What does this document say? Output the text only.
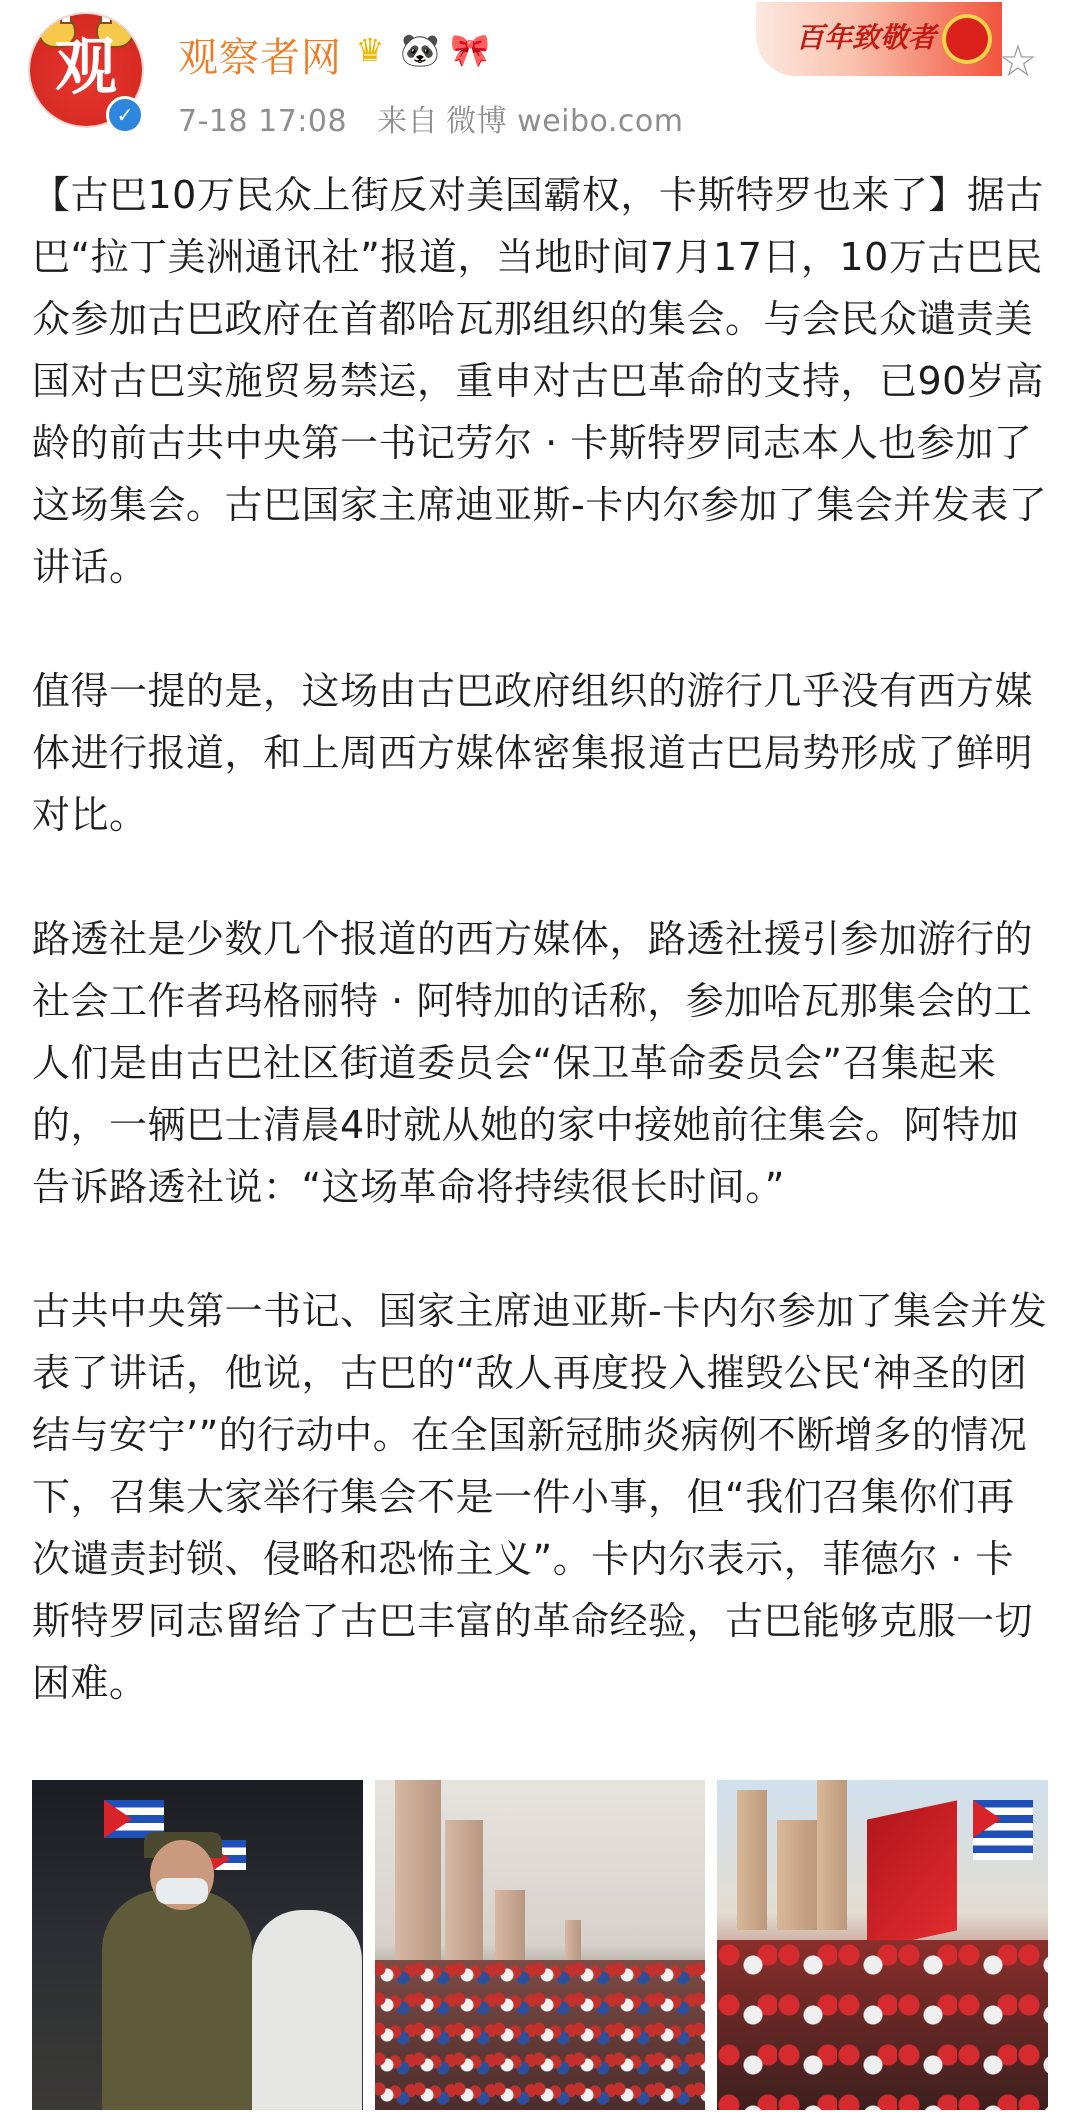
观
✓
观察者网 ♛ 🐼 🎀
7-18 17:08 来自 微博 weibo.com
百年致敬者 ☆

【古巴10万民众上街反对美国霸权，卡斯特罗也来了】据古巴“拉丁美洲通讯社”报道，当地时间7月17日，10万古巴民众参加古巴政府在首都哈瓦那组织的集会。与会民众谴责美国对古巴实施贸易禁运，重申对古巴革命的支持，已90岁高龄的前古共中央第一书记劳尔 · 卡斯特罗同志本人也参加了这场集会。古巴国家主席迪亚斯-卡内尔参加了集会并发表了讲话。

值得一提的是，这场由古巴政府组织的游行几乎没有西方媒体进行报道，和上周西方媒体密集报道古巴局势形成了鲜明对比。

路透社是少数几个报道的西方媒体，路透社援引参加游行的社会工作者玛格丽特 · 阿特加的话称，参加哈瓦那集会的工人们是由古巴社区街道委员会“保卫革命委员会”召集起来的，一辆巴士清晨4时就从她的家中接她前往集会。阿特加告诉路透社说：“这场革命将持续很长时间。”

古共中央第一书记、国家主席迪亚斯-卡内尔参加了集会并发表了讲话，他说，古巴的“敌人再度投入摧毁公民‘神圣的团结与安宁’”的行动中。在全国新冠肺炎病例不断增多的情况下，召集大家举行集会不是一件小事，但“我们召集你们再次谴责封锁、侵略和恐怖主义”。卡内尔表示，菲德尔 · 卡斯特罗同志留给了古巴丰富的革命经验，古巴能够克服一切困难。
